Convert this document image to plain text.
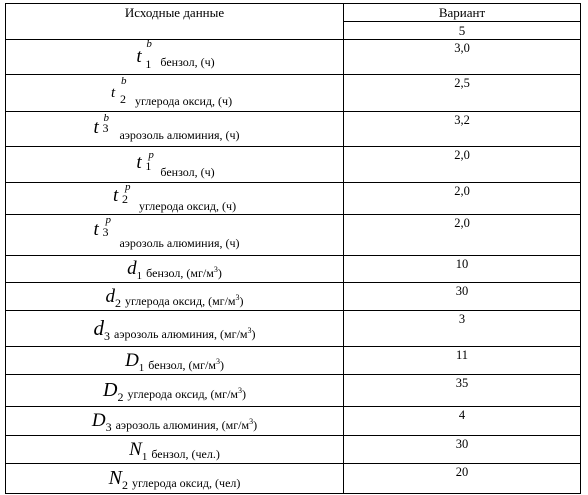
Исходные данные	Вариант
	5

t
b
1 $_{бензол, (ч)}$	3,0

t
b
2 $_{углерода оксид, (ч)}$	2,5

t b
3 $_{аэрозоль алюминия, (ч)}$	3,2

t p
1 $_{бензол, (ч)}$	2,0

t p
2 $_{углерода оксид, (ч)}$	2,0

t p
3
$_{аэрозоль алюминия, (ч)}$	2,0
$d_1$ бензол, $(мг/м^3)$	10
$d_2$ углерода оксид, $(мг/м^3)$	30
$d_3$ аэрозоль алюминия, $(мг/м^3)$	3
$D_1$ бензол, $(мг/м^3)$	11
$D_2$ углерода оксид, $(мг/м^3)$	35
$D_3$ аэрозоль алюминия, $(мг/м^3)$	4
$N_1$ бензол, (чел.)	30
$N_2$ углерода оксид, (чел)	20
